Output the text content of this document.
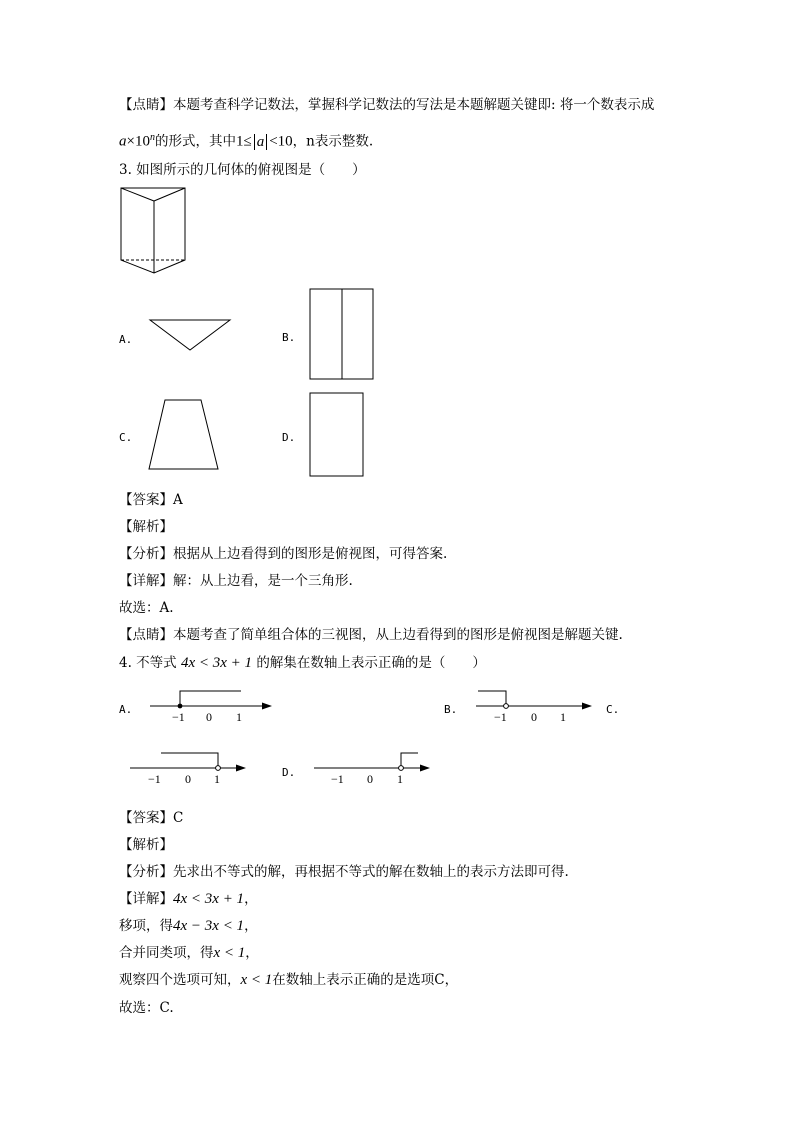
【点睛】本题考查科学记数法，掌握科学记数法的写法是本题解题关键即: 将一个数表示成
$a\times 10^n$的形式，其中1≤ a <10，n表示整数.
3. 如图所示的几何体的俯视图是（　　）
A.	B.
C.	D.
【答案】A
【解析】
【分析】根据从上边看得到的图形是俯视图，可得答案.
【详解】解：从上边看，是一个三角形.
故选：A.
【点睛】本题考查了简单组合体的三视图，从上边看得到的图形是俯视图是解题关键.
4. 不等式 4x < 3x + 1 的解集在数轴上表示正确的是（　　）
A.
−1 0 1
B.
−1 0 1
C.
−1 0 1	D.	−1 0 1
【答案】C
【解析】
【分析】先求出不等式的解，再根据不等式的解在数轴上的表示方法即可得.
【详解】4x < 3x + 1，
移项，得4x − 3x < 1，
合并同类项，得x < 1，
观察四个选项可知，x < 1在数轴上表示正确的是选项C，
故选：C.
